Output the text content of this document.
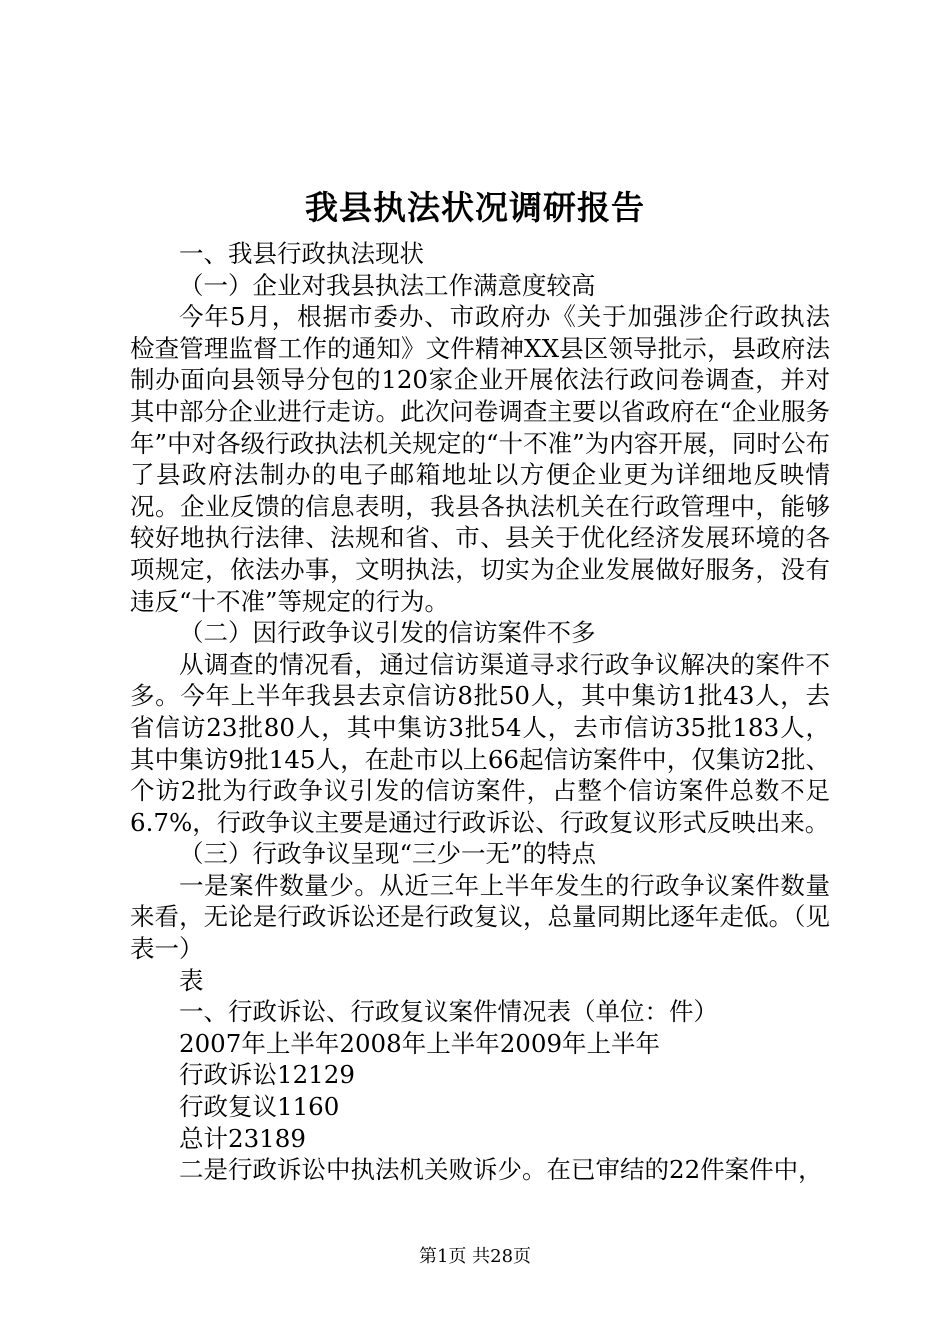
我县执法状况调研报告

一、我县行政执法现状

（一）企业对我县执法工作满意度较高

今年5月，根据市委办、市政府办《关于加强涉企行政执法检查管理监督工作的通知》文件精神XX县区领导批示，县政府法制办面向县领导分包的120家企业开展依法行政问卷调查，并对其中部分企业进行走访。此次问卷调查主要以省政府在“企业服务年”中对各级行政执法机关规定的“十不准”为内容开展，同时公布了县政府法制办的电子邮箱地址以方便企业更为详细地反映情况。企业反馈的信息表明，我县各执法机关在行政管理中，能够较好地执行法律、法规和省、市、县关于优化经济发展环境的各项规定，依法办事，文明执法，切实为企业发展做好服务，没有违反“十不准”等规定的行为。

（二）因行政争议引发的信访案件不多

从调查的情况看，通过信访渠道寻求行政争议解决的案件不多。今年上半年我县去京信访8批50人，其中集访1批43人，去省信访23批80人，其中集访3批54人，去市信访35批183人，其中集访9批145人，在赴市以上66起信访案件中，仅集访2批、个访2批为行政争议引发的信访案件，占整个信访案件总数不足6.7%，行政争议主要是通过行政诉讼、行政复议形式反映出来。

（三）行政争议呈现“三少一无”的特点

一是案件数量少。从近三年上半年发生的行政争议案件数量来看，无论是行政诉讼还是行政复议，总量同期比逐年走低。（见表一）

表

一、行政诉讼、行政复议案件情况表（单位：件）

2007年上半年2008年上半年2009年上半年

行政诉讼12129

行政复议1160

总计23189

二是行政诉讼中执法机关败诉少。在已审结的22件案件中，

第1页 共28页
